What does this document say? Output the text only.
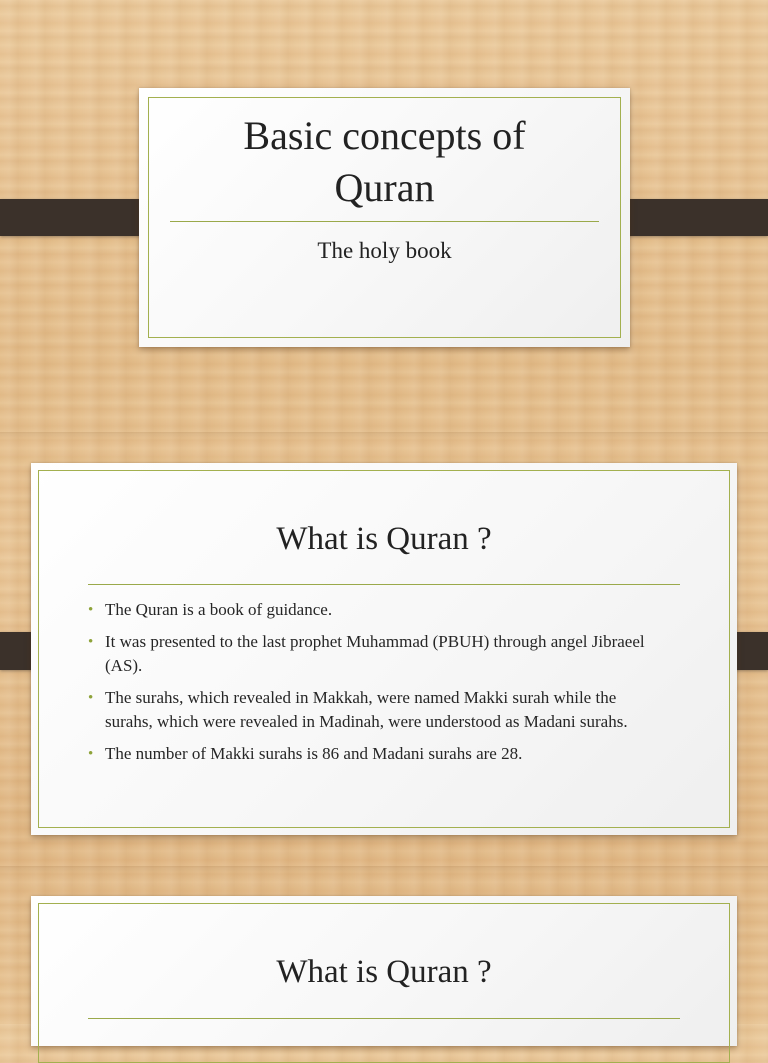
Basic concepts of
Quran
The holy book
What is Quran ?
• The Quran is a book of guidance.
• It was presented to the last prophet Muhammad (PBUH) through angel Jibraeel (AS).
• The surahs, which revealed in Makkah, were named Makki surah while the surahs, which were revealed in Madinah, were understood as Madani surahs.
• The number of Makki surahs is 86 and Madani surahs are 28.
What is Quran ?
